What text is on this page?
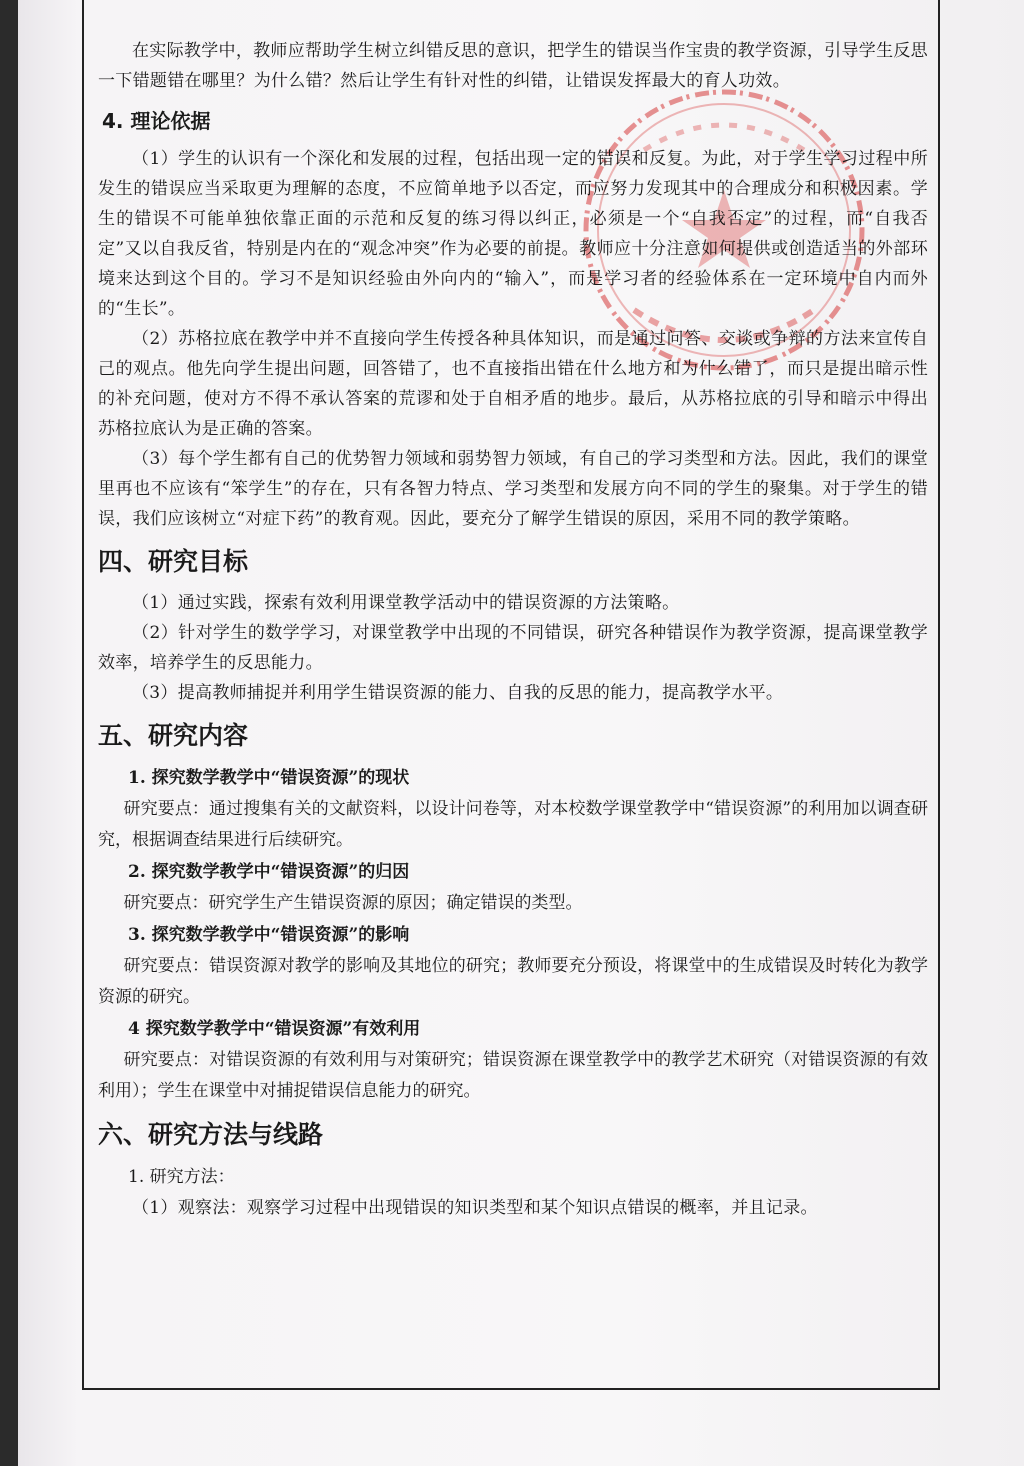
在实际教学中，教师应帮助学生树立纠错反思的意识，把学生的错误当作宝贵的教学资源，引导学生反思一下错题错在哪里？为什么错？然后让学生有针对性的纠错，让错误发挥最大的育人功效。

4. 理论依据

（1）学生的认识有一个深化和发展的过程，包括出现一定的错误和反复。为此，对于学生学习过程中所发生的错误应当采取更为理解的态度，不应简单地予以否定，而应努力发现其中的合理成分和积极因素。学生的错误不可能单独依靠正面的示范和反复的练习得以纠正，必须是一个“自我否定”的过程，而“自我否定”又以自我反省，特别是内在的“观念冲突”作为必要的前提。教师应十分注意如何提供或创造适当的外部环境来达到这个目的。学习不是知识经验由外向内的“输入”，而是学习者的经验体系在一定环境中自内而外的“生长”。

（2）苏格拉底在教学中并不直接向学生传授各种具体知识，而是通过问答、交谈或争辩的方法来宣传自己的观点。他先向学生提出问题，回答错了，也不直接指出错在什么地方和为什么错了，而只是提出暗示性的补充问题，使对方不得不承认答案的荒谬和处于自相矛盾的地步。最后，从苏格拉底的引导和暗示中得出苏格拉底认为是正确的答案。

（3）每个学生都有自己的优势智力领域和弱势智力领域，有自己的学习类型和方法。因此，我们的课堂里再也不应该有“笨学生”的存在，只有各智力特点、学习类型和发展方向不同的学生的聚集。对于学生的错误，我们应该树立“对症下药”的教育观。因此，要充分了解学生错误的原因，采用不同的教学策略。

四、研究目标

（1）通过实践，探索有效利用课堂教学活动中的错误资源的方法策略。

（2）针对学生的数学学习，对课堂教学中出现的不同错误，研究各种错误作为教学资源，提高课堂教学效率，培养学生的反思能力。

（3）提高教师捕捉并利用学生错误资源的能力、自我的反思的能力，提高教学水平。

五、研究内容

1. 探究数学教学中“错误资源”的现状

研究要点：通过搜集有关的文献资料，以设计问卷等，对本校数学课堂教学中“错误资源”的利用加以调查研究，根据调查结果进行后续研究。

2. 探究数学教学中“错误资源”的归因

研究要点：研究学生产生错误资源的原因；确定错误的类型。

3. 探究数学教学中“错误资源”的影响

研究要点：错误资源对教学的影响及其地位的研究；教师要充分预设，将课堂中的生成错误及时转化为教学资源的研究。

4 探究数学教学中“错误资源”有效利用

研究要点：对错误资源的有效利用与对策研究；错误资源在课堂教学中的教学艺术研究（对错误资源的有效利用）；学生在课堂中对捕捉错误信息能力的研究。

六、研究方法与线路

1. 研究方法：

（1）观察法：观察学习过程中出现错误的知识类型和某个知识点错误的概率，并且记录。
